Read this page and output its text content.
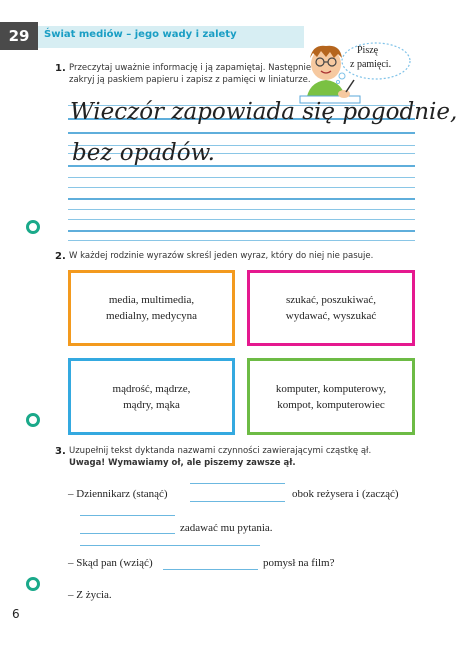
29	Świat mediów – jego wady i zalety
Piszę
z pamięci.
1. Przeczytaj uważnie informację i ją zapamiętaj. Następnie
zakryj ją paskiem papieru i zapisz z pamięci w liniaturze.
Wieczór zapowiada się pogodnie,
bez opadów.
2. W każdej rodzinie wyrazów skreśl jeden wyraz, który do niej nie pasuje.
media, multimedia,
medialny, medycyna
szukać, poszukiwać,
wydawać, wyszukać
mądrość, mądrze,
mądry, mąka
komputer, komputerowy,
kompot, komputerowiec
3. Uzupełnij tekst dyktanda nazwami czynności zawierającymi cząstkę ął.
Uwaga! Wymawiamy oł, ale piszemy zawsze ął.
– Dziennikarz (stanąć)	obok reżysera i (zacząć)
zadawać mu pytania.
– Skąd pan (wziąć)	pomysł na film?
– Z życia.
6
